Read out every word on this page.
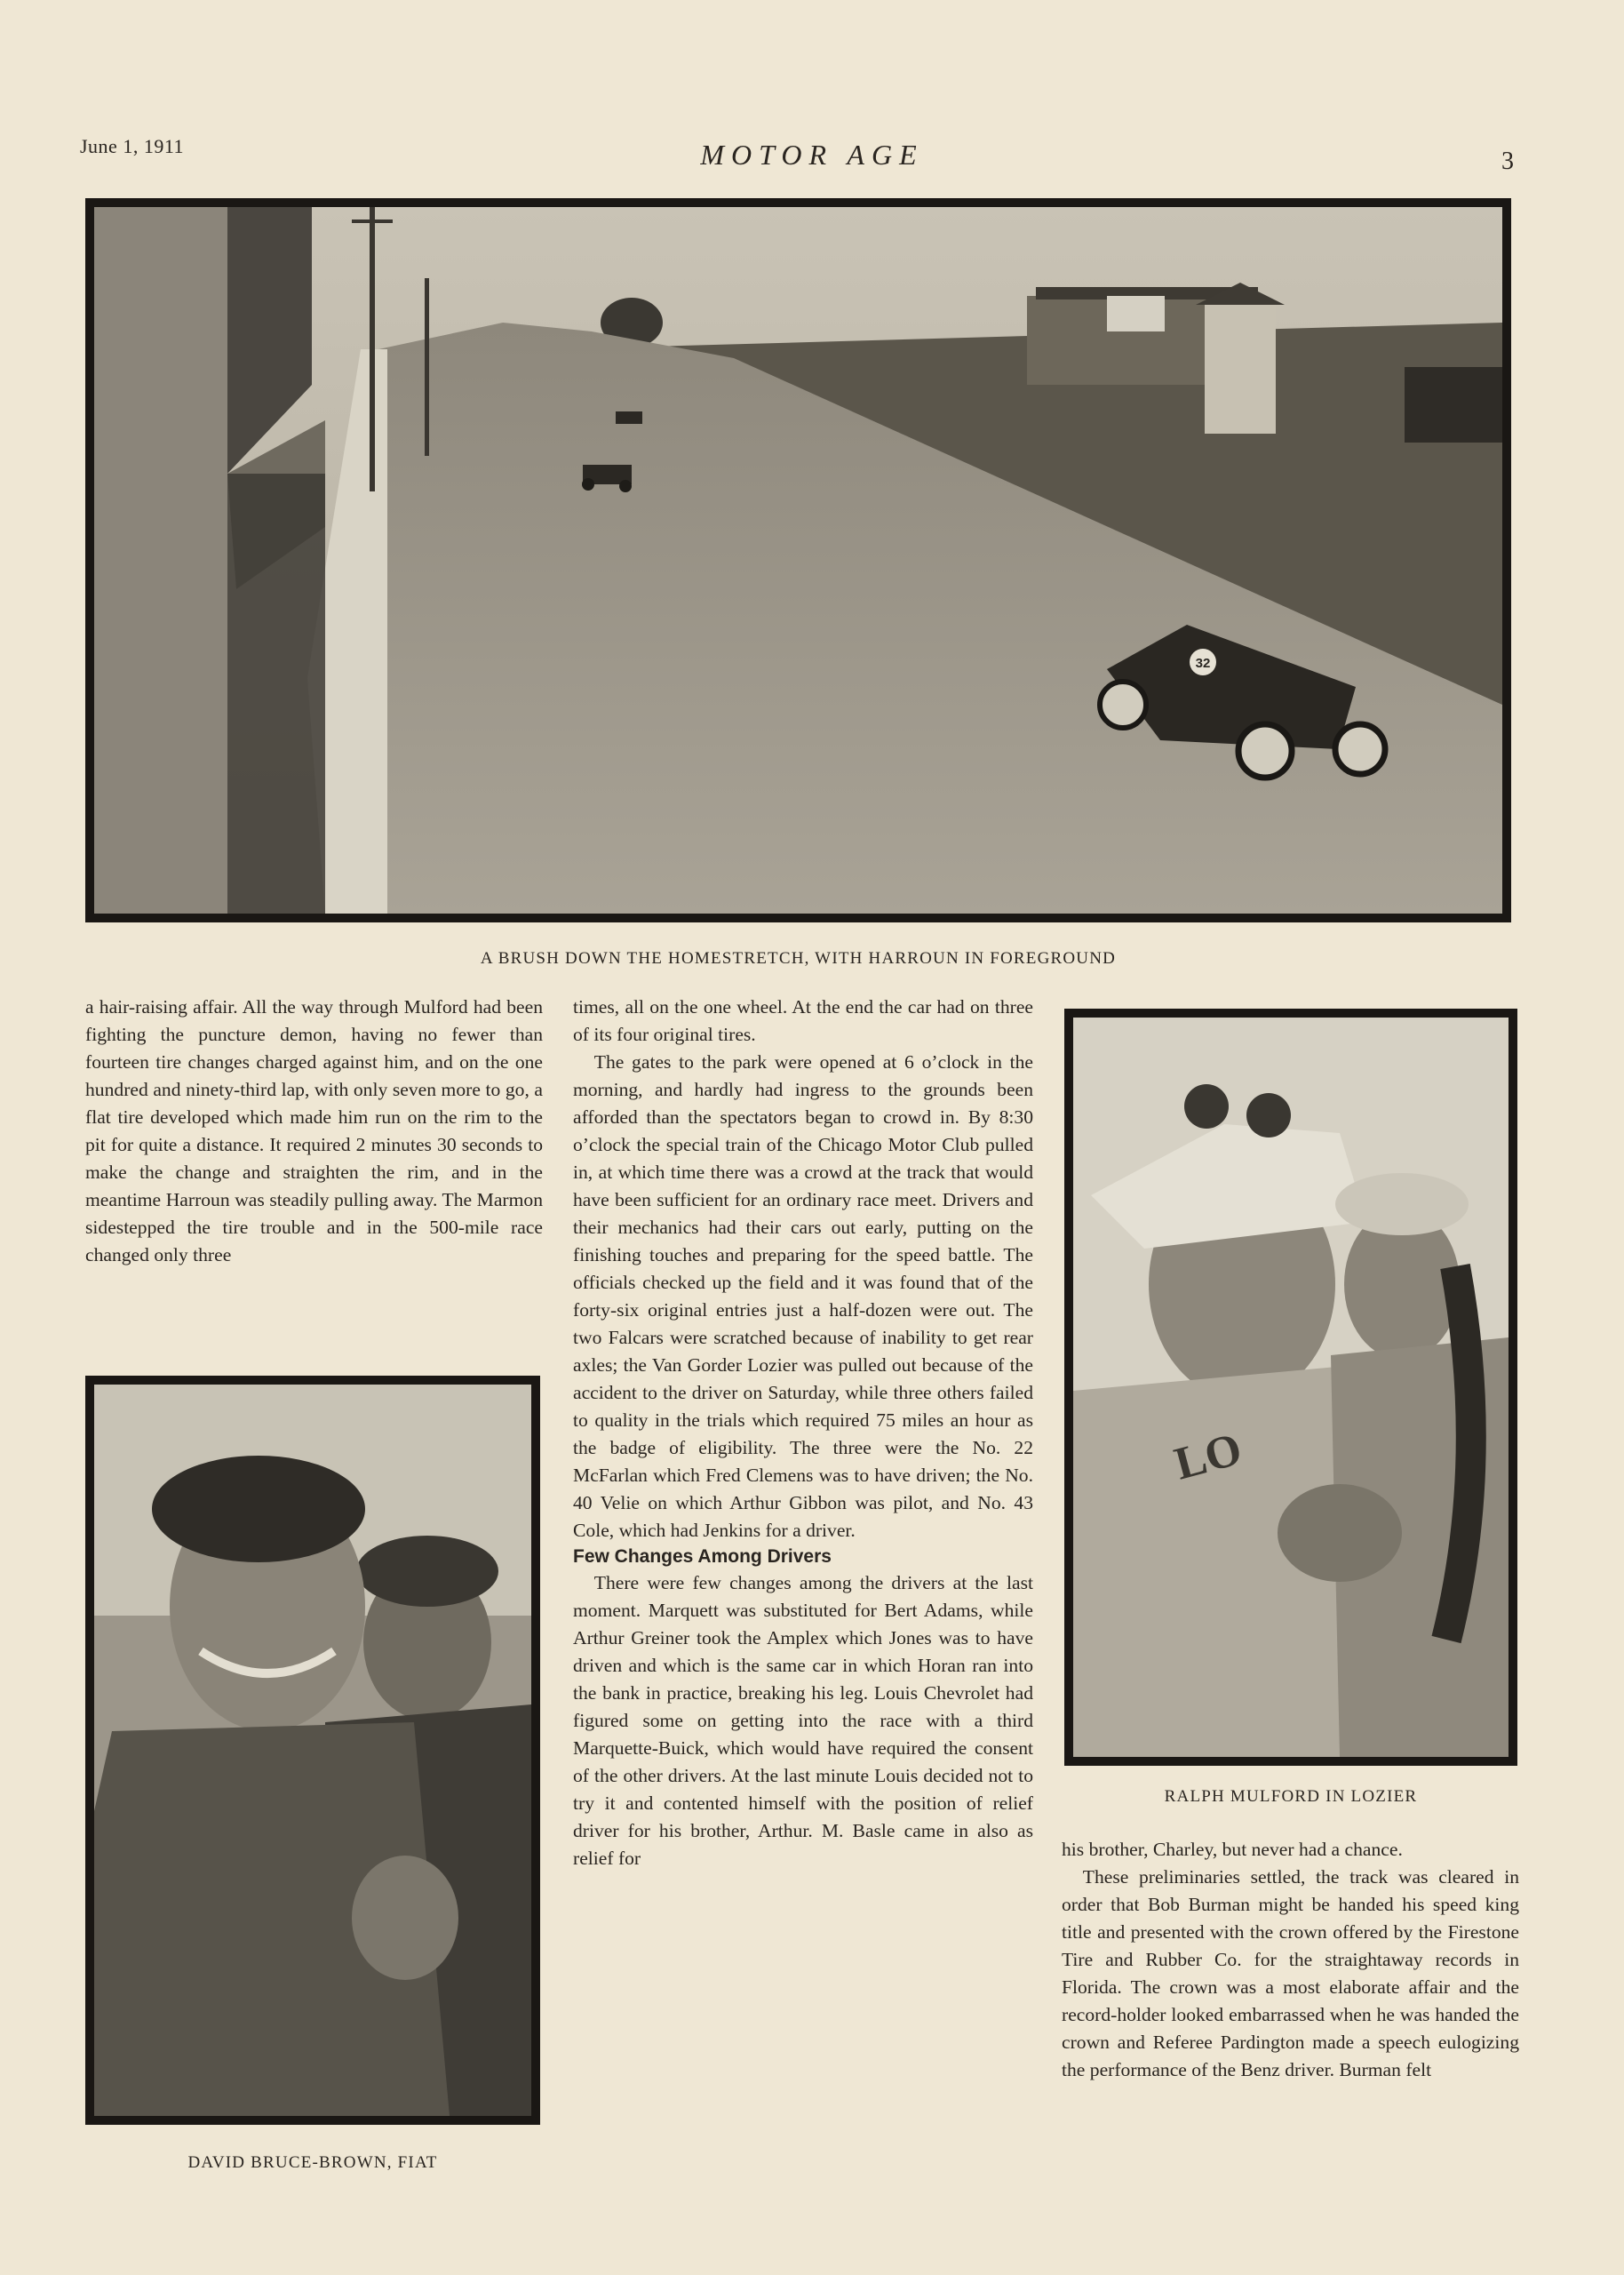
June 1, 1911	MOTOR AGE	3
32
A BRUSH DOWN THE HOMESTRETCH, WITH HARROUN IN FOREGROUND

a hair-raising affair. All the way through Mulford had been fighting the puncture demon, having no fewer than fourteen tire changes charged against him, and on the one hundred and ninety-third lap, with only seven more to go, a flat tire developed which made him run on the rim to the pit for quite a distance. It required 2 minutes 30 seconds to make the change and straighten the rim, and in the meantime Harroun was steadily pulling away. The Marmon sidestepped the tire trouble and in the 500-mile race changed only three

DAVID BRUCE-BROWN, FIAT

times, all on the one wheel. At the end the car had on three of its four original tires.

The gates to the park were opened at 6 o’clock in the morning, and hardly had ingress to the grounds been afforded than the spectators began to crowd in. By 8:30 o’clock the special train of the Chicago Motor Club pulled in, at which time there was a crowd at the track that would have been sufficient for an ordinary race meet. Drivers and their mechanics had their cars out early, putting on the finishing touches and preparing for the speed battle. The officials checked up the field and it was found that of the forty-six original entries just a half-dozen were out. The two Falcars were scratched because of inability to get rear axles; the Van Gorder Lozier was pulled out because of the accident to the driver on Saturday, while three others failed to quality in the trials which required 75 miles an hour as the badge of eligibility. The three were the No. 22 McFarlan which Fred Clemens was to have driven; the No. 40 Velie on which Arthur Gibbon was pilot, and No. 43 Cole, which had Jenkins for a driver.

Few Changes Among Drivers

There were few changes among the drivers at the last moment. Marquett was substituted for Bert Adams, while Arthur Greiner took the Amplex which Jones was to have driven and which is the same car in which Horan ran into the bank in practice, breaking his leg. Louis Chevrolet had figured some on getting into the race with a third Marquette-Buick, which would have required the consent of the other drivers. At the last minute Louis decided not to try it and contented himself with the position of relief driver for his brother, Arthur. M. Basle came in also as relief for

LO
RALPH MULFORD IN LOZIER

his brother, Charley, but never had a chance.

These preliminaries settled, the track was cleared in order that Bob Burman might be handed his speed king title and presented with the crown offered by the Firestone Tire and Rubber Co. for the straightaway records in Florida. The crown was a most elaborate affair and the record-holder looked embarrassed when he was handed the crown and Referee Pardington made a speech eulogizing the performance of the Benz driver. Burman felt
